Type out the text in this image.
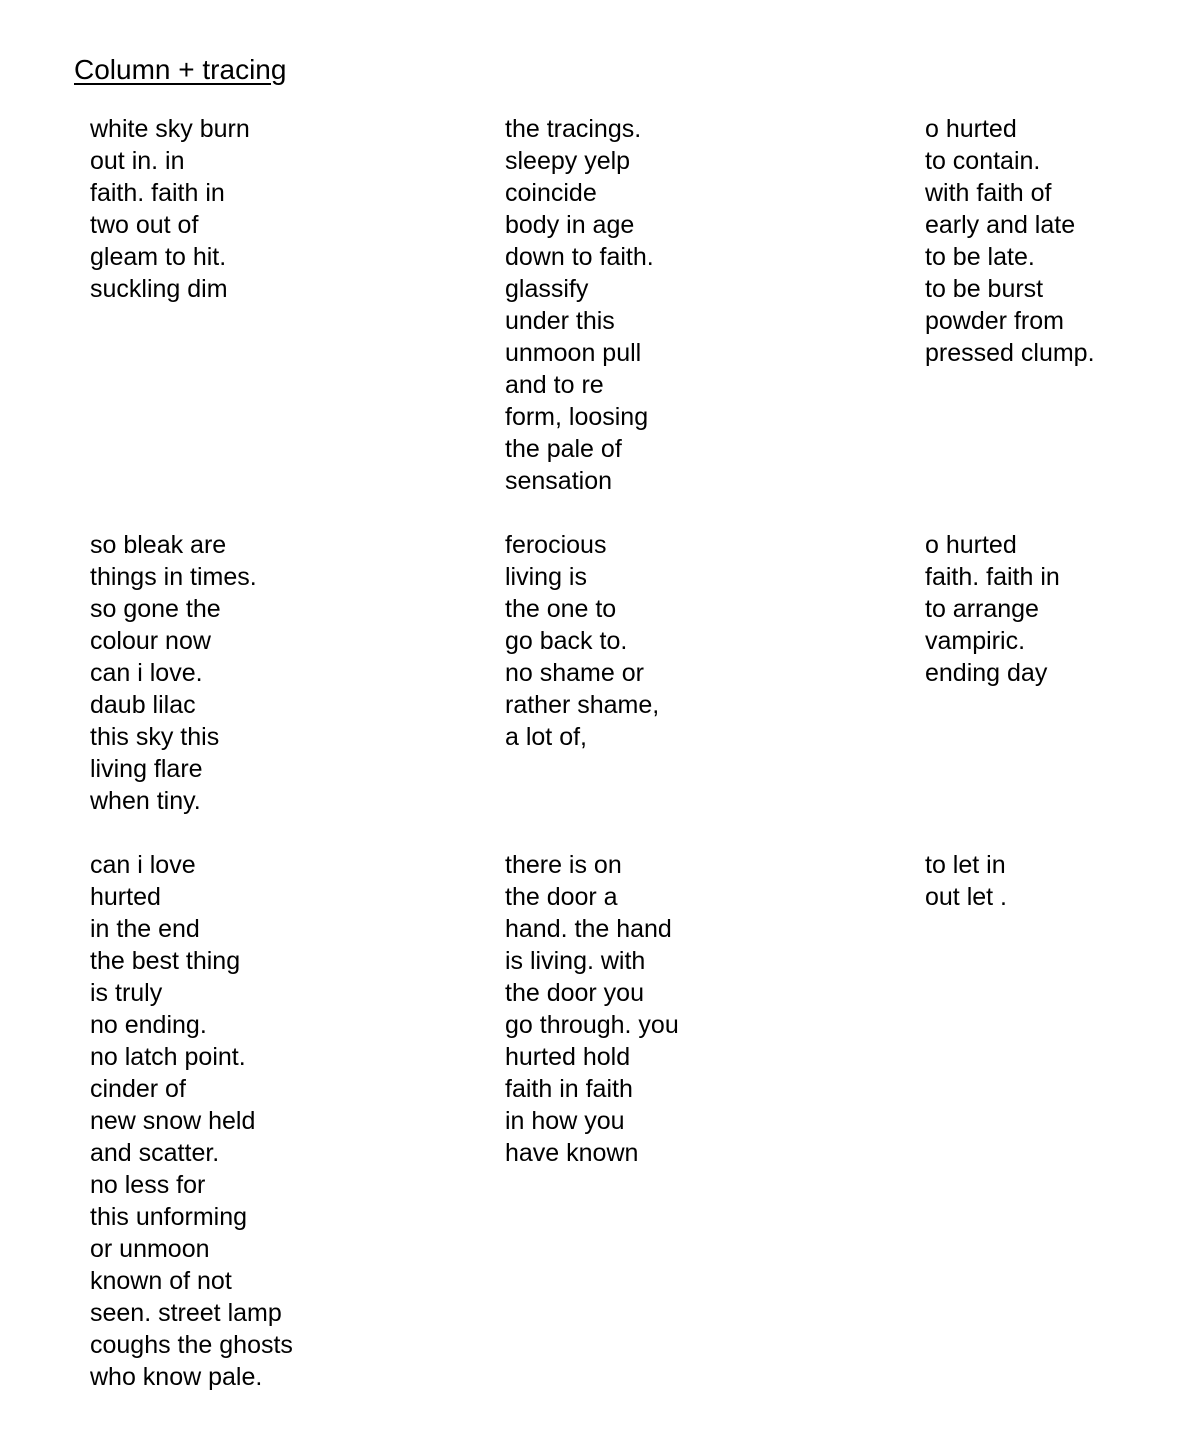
Column + tracing
white sky burn
out in. in
faith. faith in
two out of
gleam to hit.
suckling dim
the tracings.
sleepy yelp
coincide
body in age
down to faith.
glassify
under this
unmoon pull
and to re
form, loosing
the pale of
sensation
o hurted
to contain.
with faith of
early and late
to be late.
to be burst
powder from
pressed clump.
so bleak are
things in times.
so gone the
colour now
can i love.
daub lilac
this sky this
living flare
when tiny.
ferocious
living is
the one to
go back to.
no shame or
rather shame,
a lot of,
o hurted
faith. faith in
to arrange
vampiric.
ending day
can i love
hurted
in the end
the best thing
is truly
no ending.
no latch point.
cinder of
new snow held
and scatter.
no less for
this unforming
or unmoon
known of not
seen. street lamp
coughs the ghosts
who know pale.
there is on
the door a
hand. the hand
is living. with
the door you
go through. you
hurted hold
faith in faith
in how you
have known
to let in
out let .
